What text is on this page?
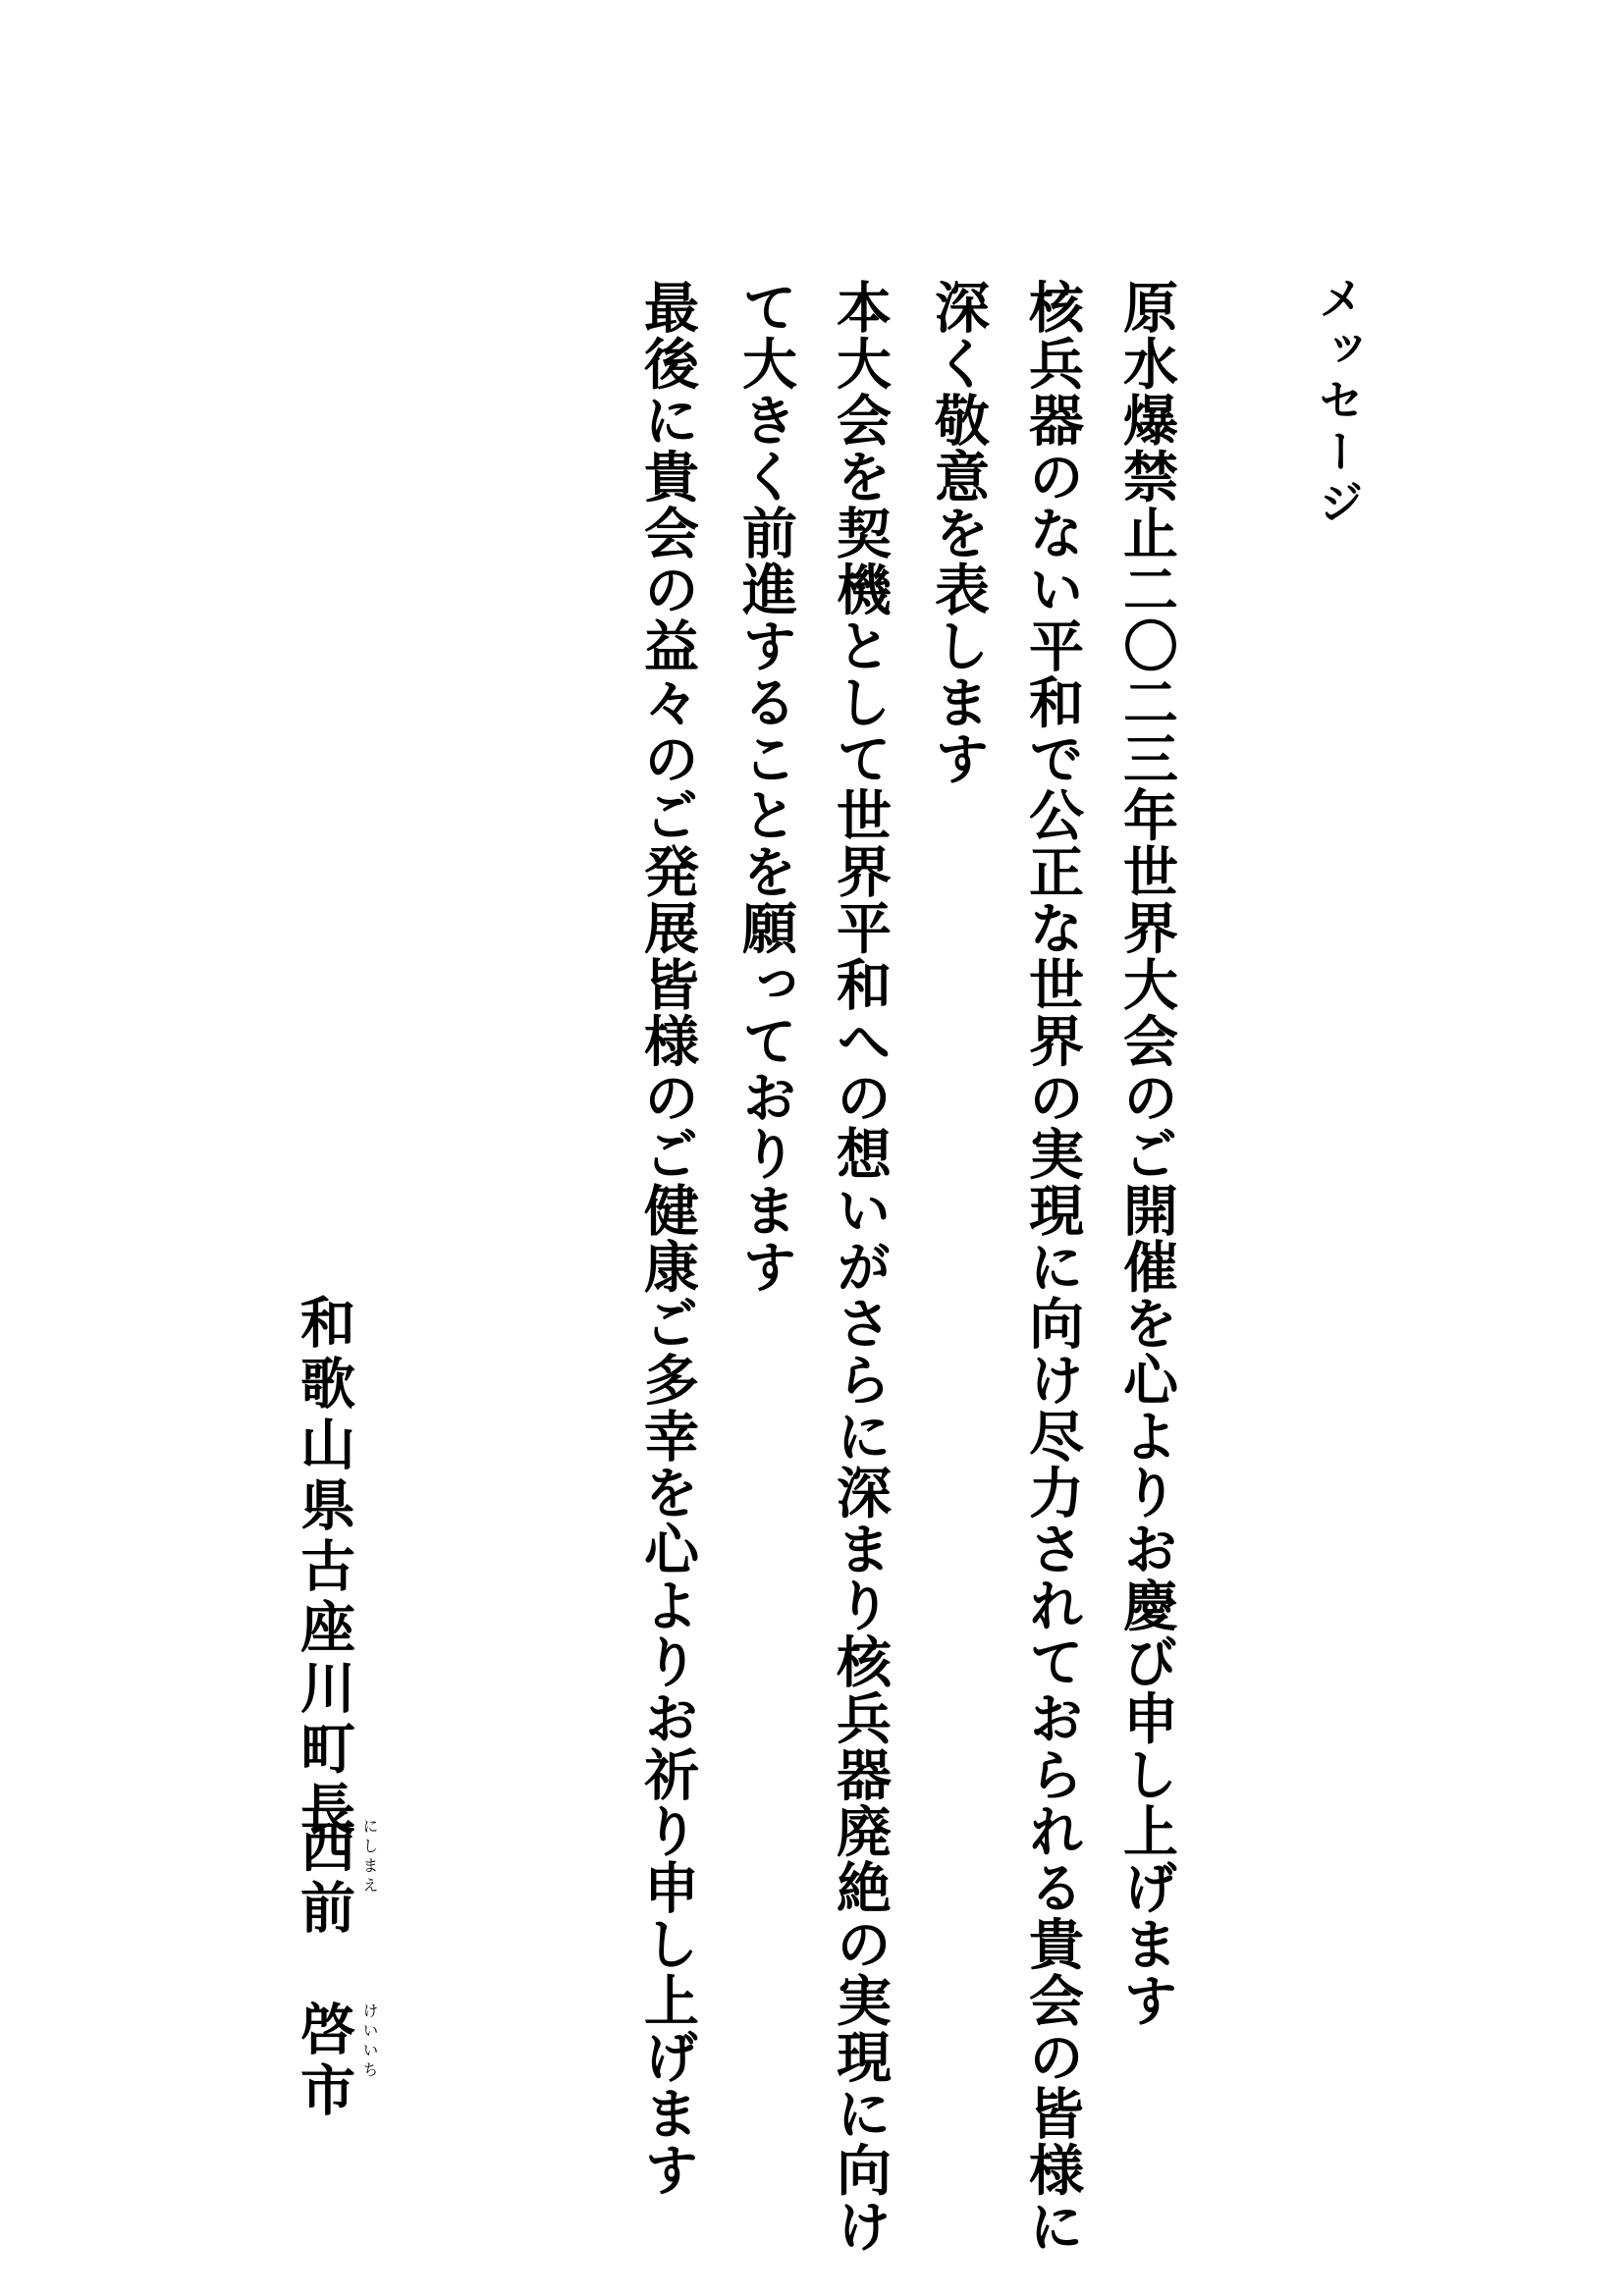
メッセージ
原水爆禁止二〇二三年世界大会のご開催を心よりお慶び申し上げます
核兵器のない平和で公正な世界の実現に向け尽力されておられる貴会の皆様に
深く敬意を表します
本大会を契機として世界平和への想いがさらに深まり核兵器廃絶の実現に向け
て大きく前進することを願っております
最後に貴会の益々のご発展皆様のご健康ご多幸を心よりお祈り申し上げます
和歌山県古座川町長
西前
啓市
にしまえ
けいいち
